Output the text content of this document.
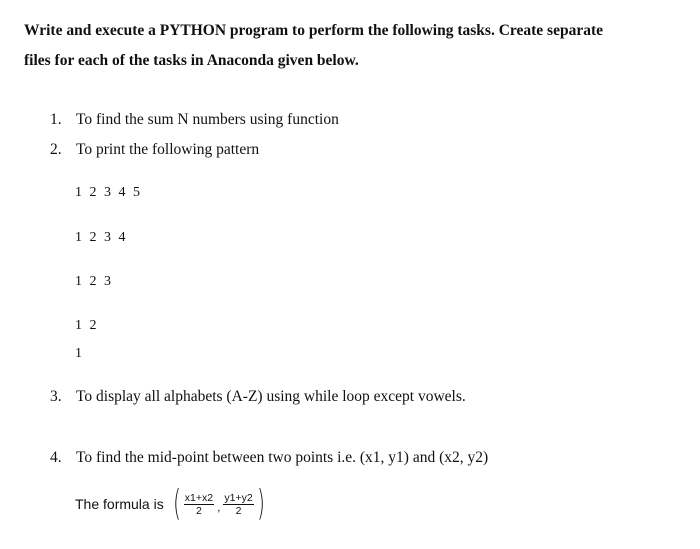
Write and execute a PYTHON program to perform the following tasks. Create separate
files for each of the tasks in Anaconda given below.
1. To find the sum N numbers using function
2. To print the following pattern
1 2 3 4 5
1 2 3 4
1 2 3
1 2
1
3. To display all alphabets (A-Z) using while loop except vowels.
4. To find the mid-point between two points i.e. (x1, y1) and (x2, y2)
The formula is ( $\frac{x1+x2}{2}$ , $\frac{y1+y2}{2}$ )
